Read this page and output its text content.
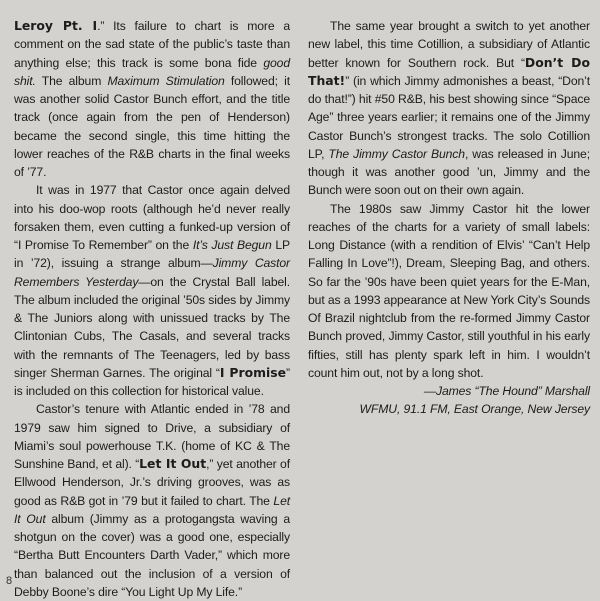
Leroy Pt. I.” Its failure to chart is more a comment on the sad state of the public’s taste than anything else; this track is some bona fide good shit. The album Maximum Stimulation followed; it was another solid Castor Bunch effort, and the title track (once again from the pen of Henderson) became the second single, this time hitting the lower reaches of the R&B charts in the final weeks of ’77.

It was in 1977 that Castor once again delved into his doo-wop roots (although he’d never really forsaken them, even cutting a funked-up version of “I Promise To Remember” on the It’s Just Begun LP in ’72), issuing a strange album—Jimmy Castor Remembers Yesterday—on the Crystal Ball label. The album included the original ’50s sides by Jimmy & The Juniors along with unissued tracks by The Clintonian Cubs, The Casals, and several tracks with the remnants of The Teenagers, led by bass singer Sherman Garnes. The original “I Promise” is included on this collection for historical value.

Castor’s tenure with Atlantic ended in ’78 and 1979 saw him signed to Drive, a subsidiary of Miami’s soul powerhouse T.K. (home of KC & The Sunshine Band, et al). “Let It Out,” yet another of Ellwood Henderson, Jr.’s driving grooves, was as good as R&B got in ’79 but it failed to chart. The Let It Out album (Jimmy as a protogangsta waving a shotgun on the cover) was a good one, especially “Bertha Butt Encounters Darth Vader,” which more than balanced out the inclusion of a version of Debby Boone’s dire “You Light Up My Life.”

The same year brought a switch to yet another new label, this time Cotillion, a subsidiary of Atlantic better known for Southern rock. But “Don’t Do That!” (in which Jimmy admonishes a beast, “Don’t do that!”) hit #50 R&B, his best showing since “Space Age” three years earlier; it remains one of the Jimmy Castor Bunch’s strongest tracks. The solo Cotillion LP, The Jimmy Castor Bunch, was released in June; though it was another good ’un, Jimmy and the Bunch were soon out on their own again.

The 1980s saw Jimmy Castor hit the lower reaches of the charts for a variety of small labels: Long Distance (with a rendition of Elvis’ “Can’t Help Falling In Love”!), Dream, Sleeping Bag, and others. So far the ’90s have been quiet years for the E-Man, but as a 1993 appearance at New York City’s Sounds Of Brazil nightclub from the re-formed Jimmy Castor Bunch proved, Jimmy Castor, still youthful in his early fifties, still has plenty spark left in him. I wouldn’t count him out, not by a long shot.

—James “The Hound” Marshall

WFMU, 91.1 FM, East Orange, New Jersey

8
